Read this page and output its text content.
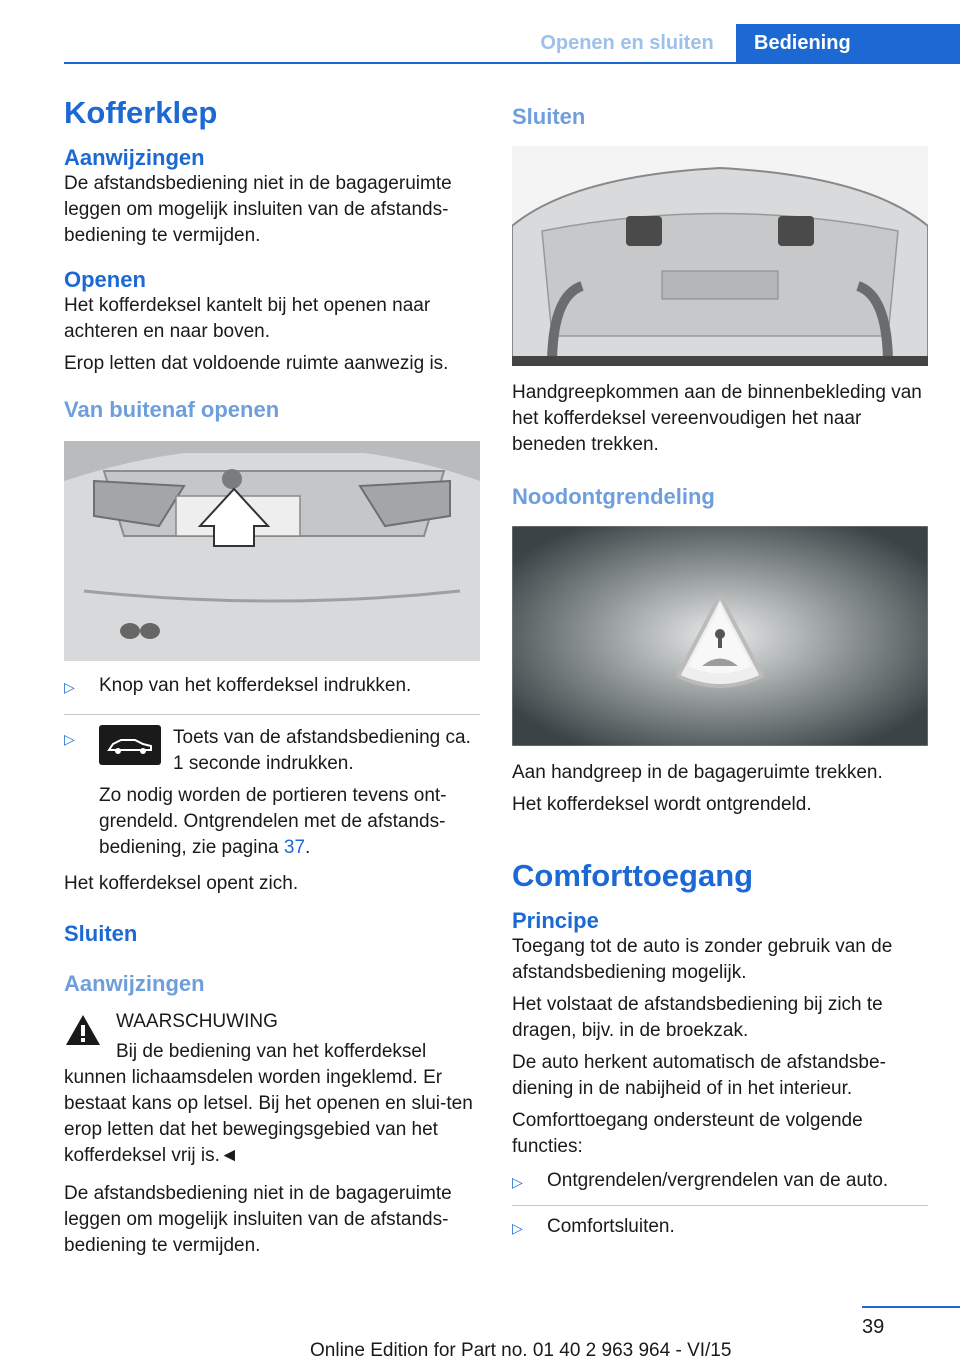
Openen en sluiten	Bediening
Kofferklep
Aanwijzingen

De afstandsbediening niet in de bagageruimte leggen om mogelijk insluiten van de afstands-bediening te vermijden.

Openen

Het kofferdeksel kantelt bij het openen naar achteren en naar boven.

Erop letten dat voldoende ruimte aanwezig is.

Van buitenaf openen
▷	Knop van het kofferdeksel indrukken.
▷	Toets van de afstandsbediening ca. 1 seconde indrukken.

Zo nodig worden de portieren tevens ont-grendeld. Ontgrendelen met de afstands-bediening, zie pagina 37.

Het kofferdeksel opent zich.

Sluiten
Aanwijzingen

WAARSCHUWING

Bij de bediening van het kofferdeksel

kunnen lichaamsdelen worden ingeklemd. Er bestaat kans op letsel. Bij het openen en slui-ten erop letten dat het bewegingsgebied van het kofferdeksel vrij is.◄

De afstandsbediening niet in de bagageruimte leggen om mogelijk insluiten van de afstands-bediening te vermijden.

Sluiten

Handgreepkommen aan de binnenbekleding van het kofferdeksel vereenvoudigen het naar beneden trekken.

Noodontgrendeling

Aan handgreep in de bagageruimte trekken.

Het kofferdeksel wordt ontgrendeld.

Comforttoegang
Principe

Toegang tot de auto is zonder gebruik van de afstandsbediening mogelijk.

Het volstaat de afstandsbediening bij zich te dragen, bijv. in de broekzak.

De auto herkent automatisch de afstandsbe-diening in de nabijheid of in het interieur.

Comforttoegang ondersteunt de volgende functies:

▷	Ontgrendelen/vergrendelen van de auto.
▷	Comfortsluiten.
39
Online Edition for Part no. 01 40 2 963 964 - VI/15
